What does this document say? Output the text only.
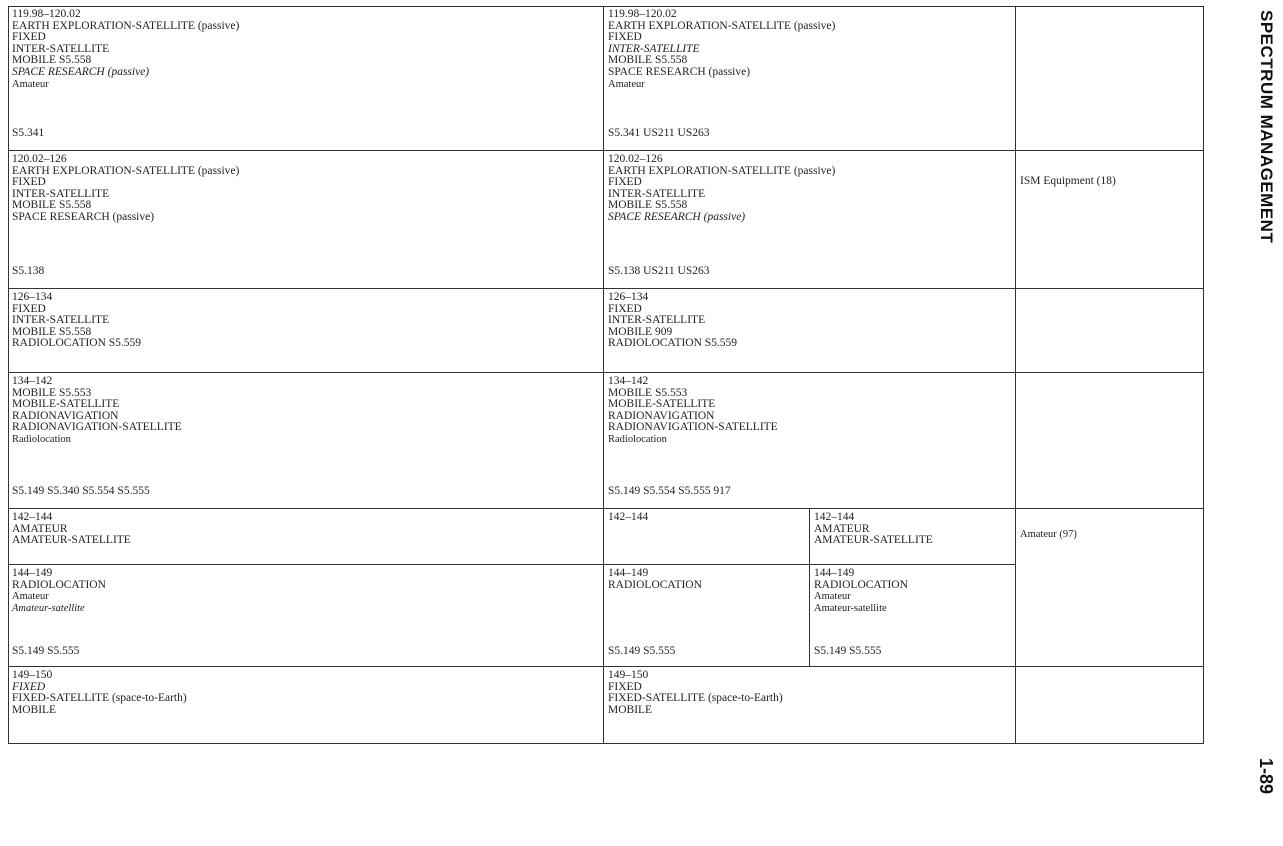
119.98–120.02
EARTH EXPLORATION-SATELLITE (passive)
FIXED
INTER-SATELLITE
MOBILE S5.558
SPACE RESEARCH (passive)
Amateur
S5.341
119.98–120.02
EARTH EXPLORATION-SATELLITE (passive)
FIXED
INTER-SATELLITE
MOBILE S5.558
SPACE RESEARCH (passive)
Amateur
S5.341 US211 US263
120.02–126
EARTH EXPLORATION-SATELLITE (passive)
FIXED
INTER-SATELLITE
MOBILE S5.558
SPACE RESEARCH (passive)
S5.138
120.02–126
EARTH EXPLORATION-SATELLITE (passive)
FIXED
INTER-SATELLITE
MOBILE S5.558
SPACE RESEARCH (passive)
S5.138 US211 US263
ISM Equipment (18)
126–134
FIXED
INTER-SATELLITE
MOBILE S5.558
RADIOLOCATION S5.559
126–134
FIXED
INTER-SATELLITE
MOBILE 909
RADIOLOCATION S5.559
134–142
MOBILE S5.553
MOBILE-SATELLITE
RADIONAVIGATION
RADIONAVIGATION-SATELLITE
Radiolocation
S5.149 S5.340 S5.554 S5.555
134–142
MOBILE S5.553
MOBILE-SATELLITE
RADIONAVIGATION
RADIONAVIGATION-SATELLITE
Radiolocation
S5.149 S5.554 S5.555 917
142–144
AMATEUR
AMATEUR-SATELLITE
142–144	142–144
AMATEUR
AMATEUR-SATELLITE	Amateur (97)
144–149
RADIOLOCATION
Amateur
Amateur-satellite
S5.149 S5.555
144–149
RADIOLOCATION
S5.149 S5.555
144–149
RADIOLOCATION
Amateur
Amateur-satellite
S5.149 S5.555
149–150
FIXED
FIXED-SATELLITE (space-to-Earth)
MOBILE
149–150
FIXED
FIXED-SATELLITE (space-to-Earth)
MOBILE
SPECTRUM MANAGEMENT
1-89
